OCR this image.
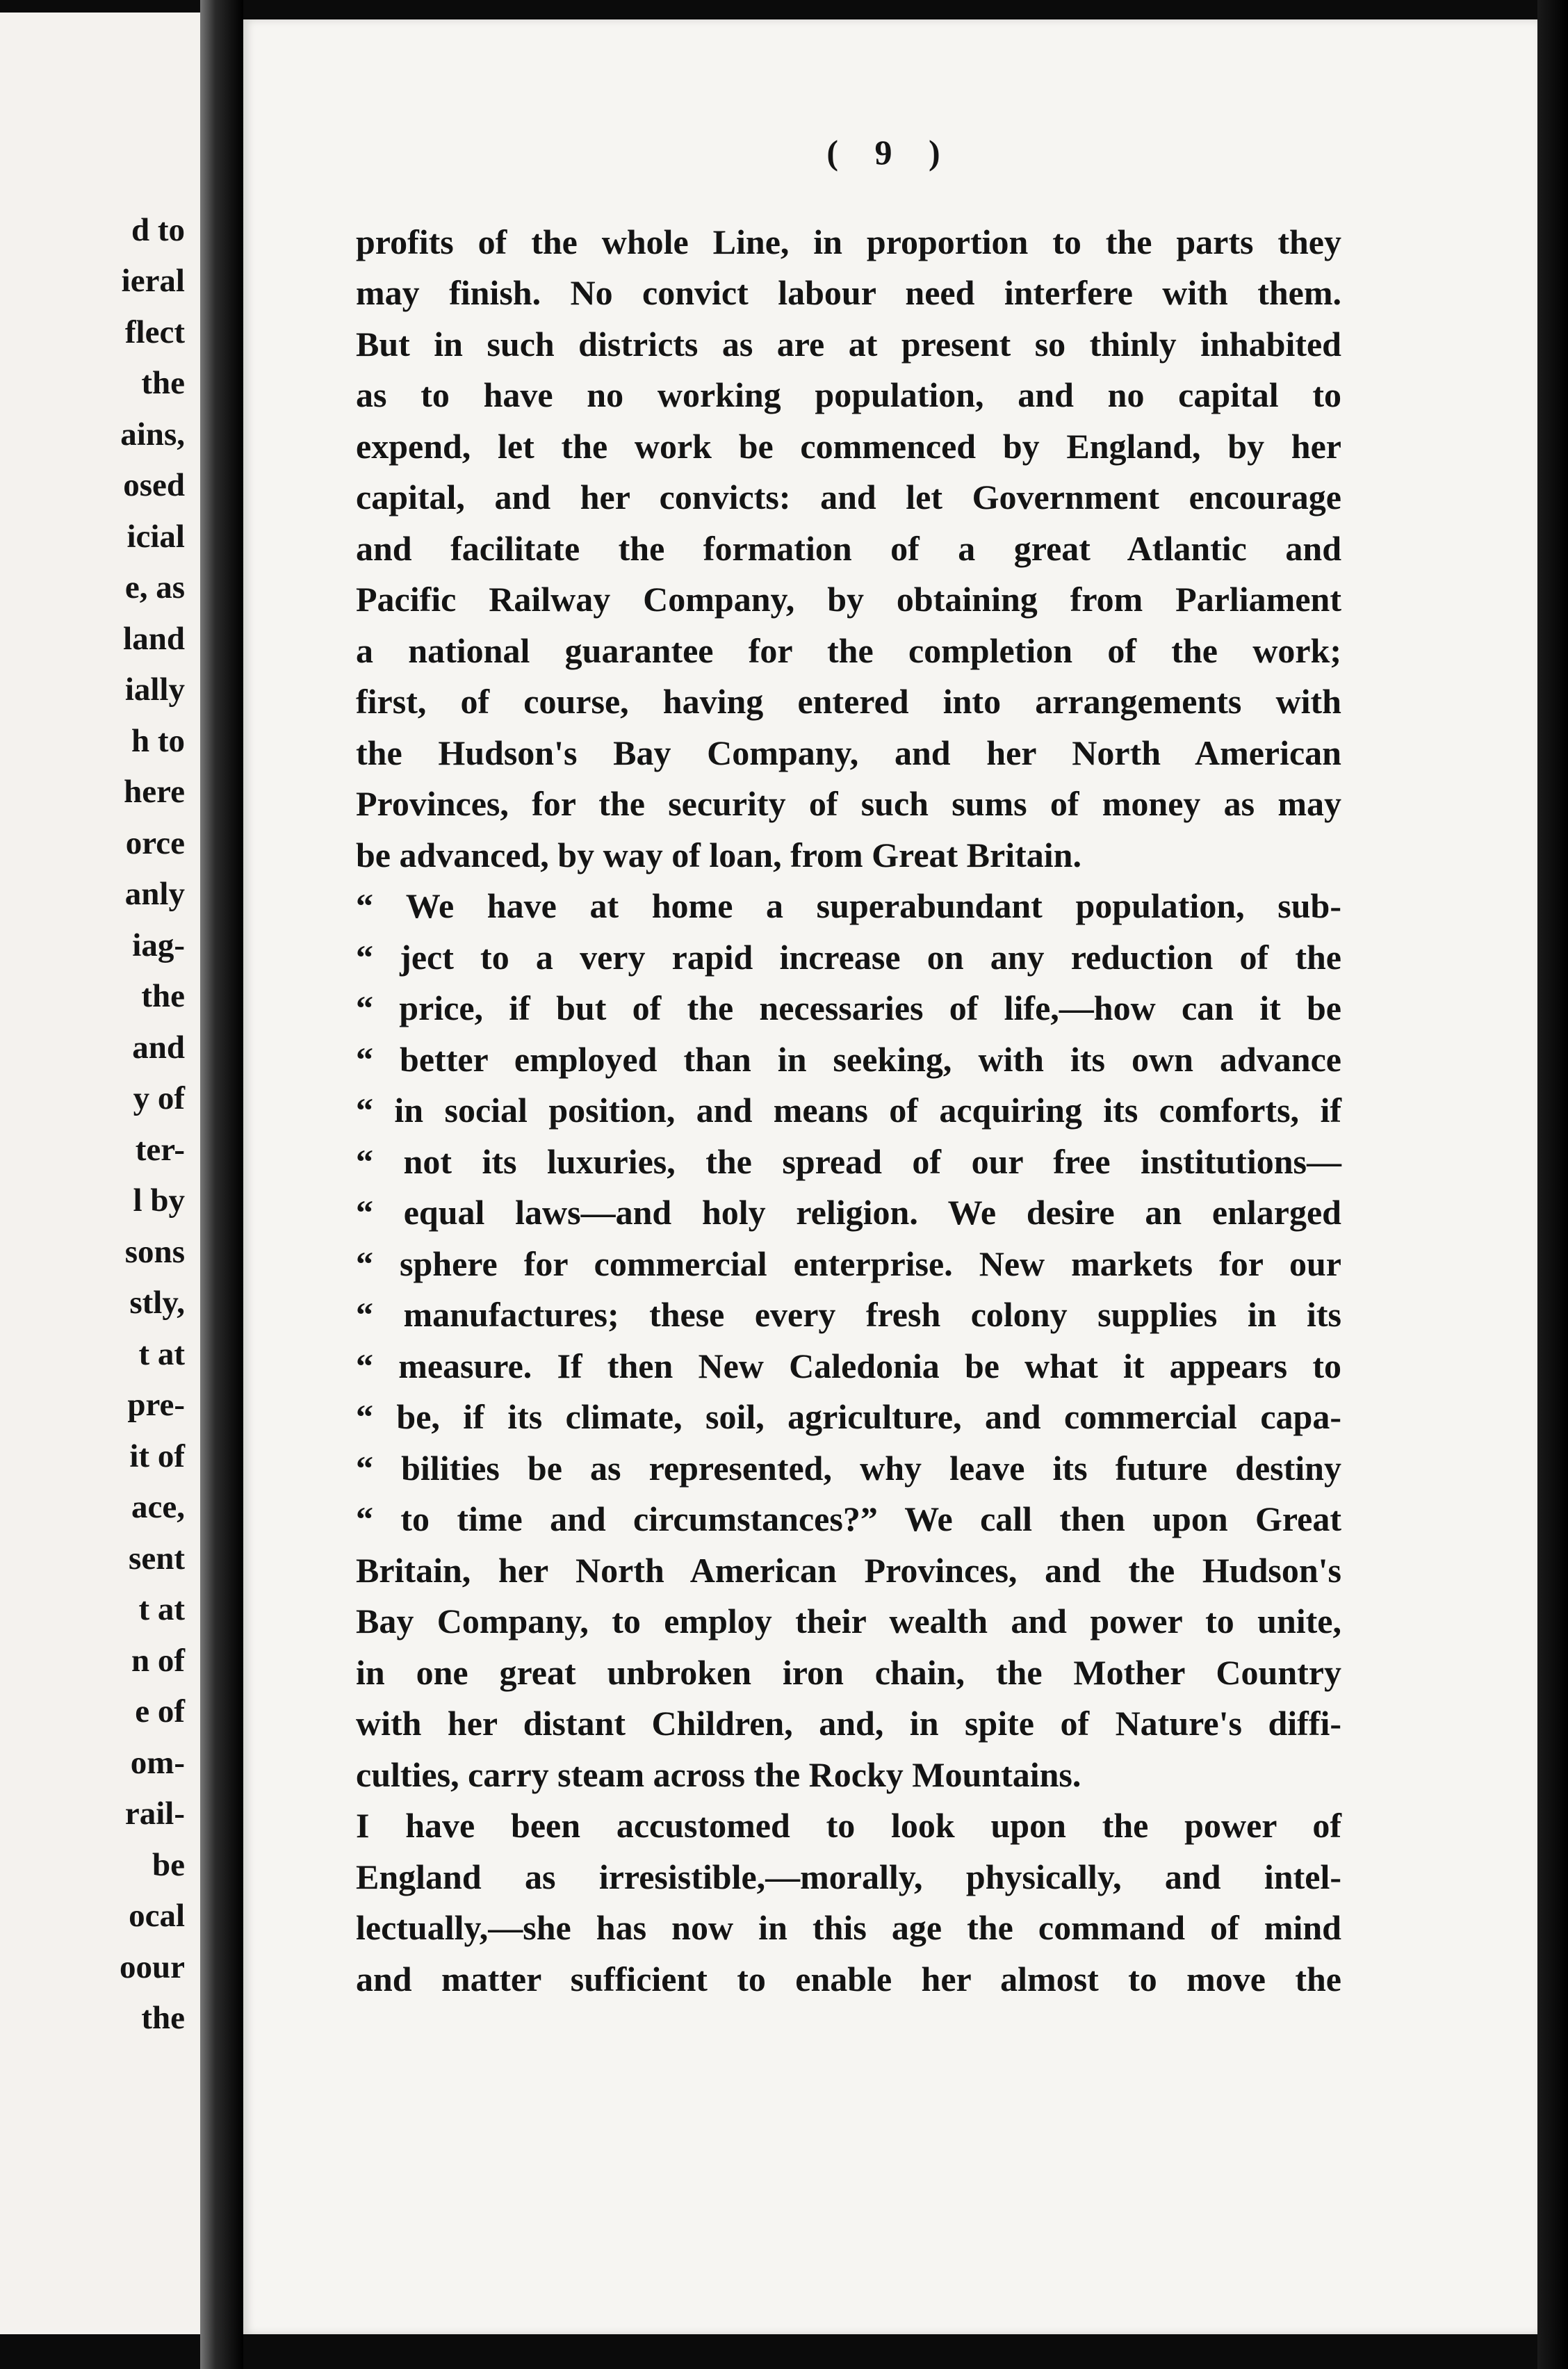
d to
ieral
flect
the
ains,
osed
icial
e, as
land
ially
h to
here
orce
anly
iag-
the
and
y of
ter-
l by
sons
stly,
t at
pre-
it of
ace,
sent
t at
n of
e of
om-
rail-
be
ocal
oour
the
( 9 )
profits of the whole Line, in proportion to the parts they
may finish. No convict labour need interfere with them.
But in such districts as are at present so thinly inhabited
as to have no working population, and no capital to
expend, let the work be commenced by England, by her
capital, and her convicts: and let Government encourage
and facilitate the formation of a great Atlantic and
Pacific Railway Company, by obtaining from Parliament
a national guarantee for the completion of the work;
first, of course, having entered into arrangements with
the Hudson's Bay Company, and her North American
Provinces, for the security of such sums of money as may
be advanced, by way of loan, from Great Britain.
“ We have at home a superabundant population, sub-
“ ject to a very rapid increase on any reduction of the
“ price, if but of the necessaries of life,—how can it be
“ better employed than in seeking, with its own advance
“ in social position, and means of acquiring its comforts, if
“ not its luxuries, the spread of our free institutions—
“ equal laws—and holy religion. We desire an enlarged
“ sphere for commercial enterprise. New markets for our
“ manufactures; these every fresh colony supplies in its
“ measure. If then New Caledonia be what it appears to
“ be, if its climate, soil, agriculture, and commercial capa-
“ bilities be as represented, why leave its future destiny
“ to time and circumstances?” We call then upon Great
Britain, her North American Provinces, and the Hudson's
Bay Company, to employ their wealth and power to unite,
in one great unbroken iron chain, the Mother Country
with her distant Children, and, in spite of Nature's diffi-
culties, carry steam across the Rocky Mountains.
I have been accustomed to look upon the power of
England as irresistible,—morally, physically, and intel-
lectually,—she has now in this age the command of mind
and matter sufficient to enable her almost to move the
